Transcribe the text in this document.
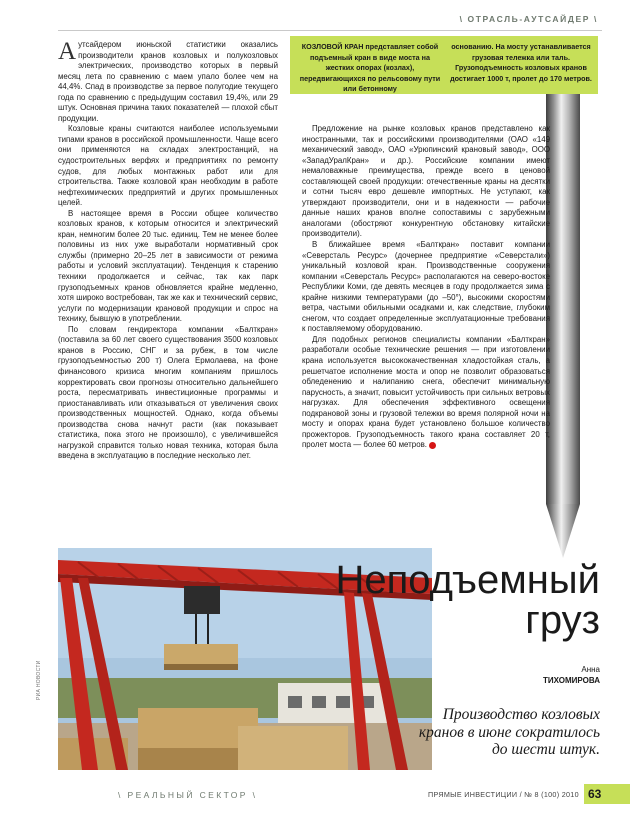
\ ОТРАСЛЬ-АУТСАЙДЕР \

Аутсайдером июньской статистики оказались производители кранов козловых и полукозловых электрических, производство которых в первый месяц лета по сравнению с маем упало более чем на 44,4%. Спад в производстве за первое полугодие текущего года по сравнению с предыдущим составил 19,4%, или 29 штук. Основная причина таких показателей — плохой сбыт продукции.

Козловые краны считаются наиболее используемыми типами кранов в российской промышленности. Чаще всего они применяются на складах электростанций, на судостроительных верфях и предприятиях по ремонту судов, для любых монтажных работ или для строительства. Также козловой кран необходим в работе нефтехимических предприятий и других промышленных целей.

В настоящее время в России общее количество козловых кранов, к которым относится и электрический кран, немногим более 20 тыс. единиц. Тем не менее более половины из них уже выработали нормативный срок службы (примерно 20–25 лет в зависимости от режима работы и условий эксплуатации). Тенденция к старению техники продолжается и сейчас, так как парк грузоподъемных кранов обновляется крайне медленно, хотя широко востребован, так же как и технический сервис, услуги по модернизации крановой продукции и спрос на технику, бывшую в употреблении.

По словам гендиректора компании «Балткран» (поставила за 60 лет своего существования 3500 козловых кранов в Россию, СНГ и за рубеж, в том числе грузоподъемностью 200 т) Олега Ермолаева, на фоне финансового кризиса многим компаниям пришлось корректировать свои прогнозы относительно дальнейшего роста, пересматривать инвестиционные программы и приостанавливать или отказываться от увеличения своих производственных мощностей. Однако, когда объемы производства снова начнут расти (как показывает статистика, пока этого не произошло), с увеличившейся нагрузкой справится только новая техника, которая была введена в эксплуатацию в последние несколько лет.

КОЗЛОВОЙ КРАН представляет собой подъемный кран в виде моста на жестких опорах (козлах), передвигающихся по рельсовому пути или бетонному
основанию. На мосту устанавливается грузовая тележка или таль. Грузоподъемность козловых кранов достигает 1000 т, пролет до 170 метров.

Предложение на рынке козловых кранов представлено как иностранными, так и российскими производителями (ОАО «149 механический завод», ОАО «Урюпинский крановый завод», ООО «ЗападУралКран» и др.). Российские компании имеют немаловажные преимущества, прежде всего в ценовой составляющей своей продукции: отечественные краны на десятки и сотни тысяч евро дешевле импортных. Не уступают, как утверждают производители, они и в надежности — рабочие данные наших кранов вполне сопоставимы с зарубежными аналогами (обостряют конкурентную обстановку китайские производители).

В ближайшее время «Балткран» поставит компании «Северсталь Ресурс» (дочернее предприятие «Северстали») уникальный козловой кран. Производственные сооружения компании «Северсталь Ресурс» располагаются на северо-востоке Республики Коми, где девять месяцев в году продолжается зима с крайне низкими температурами (до –50°), высокими скоростями ветра, частыми обильными осадками и, как следствие, глубоким снегом, что создает определенные эксплуатационные требования к поставляемому оборудованию.

Для подобных регионов специалисты компании «Балткран» разработали особые технические решения — при изготовлении крана используется высококачественная хладостойкая сталь, а решетчатое исполнение моста и опор не позволит образоваться обледенению и налипанию снега, обеспечит минимальную парусность, а значит, повысит устойчивость при сильных ветровых нагрузках. Для обеспечения эффективного освещения подкрановой зоны и грузовой тележки во время полярной ночи на мосту и опорах крана будет установлено большое количество прожекторов. Грузоподъемность такого крана составляет 20 т, пролет моста — более 60 метров.

РИА НОВОСТИ
Неподъемный
груз
Анна
ТИХОМИРОВА
Производство козловых кранов в июне сократилось до шести штук.
\ РЕАЛЬНЫЙ СЕКТОР \	ПРЯМЫЕ ИНВЕСТИЦИИ / № 8 (100) 2010 63
